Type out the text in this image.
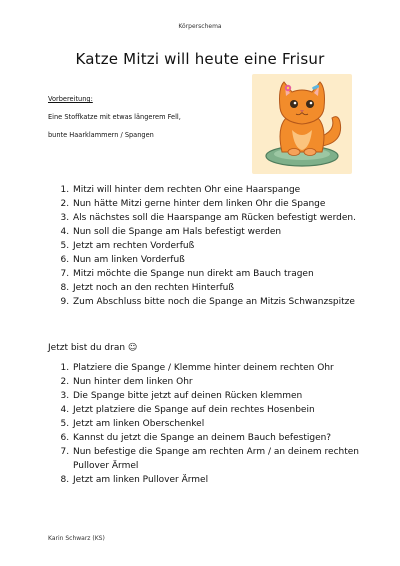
Körperschema
Katze Mitzi will heute eine Frisur
Vorbereitung:
Eine Stoffkatze mit etwas längerem Fell,
bunte Haarklammern / Spangen
1. Mitzi will hinter dem rechten Ohr eine Haarspange
2. Nun hätte Mitzi gerne hinter dem linken Ohr die Spange
3. Als nächstes soll die Haarspange am Rücken befestigt werden.
4. Nun soll die Spange am Hals befestigt werden
5. Jetzt am rechten Vorderfuß
6. Nun am linken Vorderfuß
7. Mitzi möchte die Spange nun direkt am Bauch tragen
8. Jetzt noch an den rechten Hinterfuß
9. Zum Abschluss bitte noch die Spange an Mitzis Schwanzspitze
Jetzt bist du dran ☺
1. Platziere die Spange / Klemme hinter deinem rechten Ohr
2. Nun hinter dem linken Ohr
3. Die Spange bitte jetzt auf deinen Rücken klemmen
4. Jetzt platziere die Spange auf dein rechtes Hosenbein
5. Jetzt am linken Oberschenkel
6. Kannst du jetzt die Spange an deinem Bauch befestigen?
7. Nun befestige die Spange am rechten Arm / an deinem rechten Pullover Ärmel
8. Jetzt am linken Pullover Ärmel
Karin Schwarz (KS)
